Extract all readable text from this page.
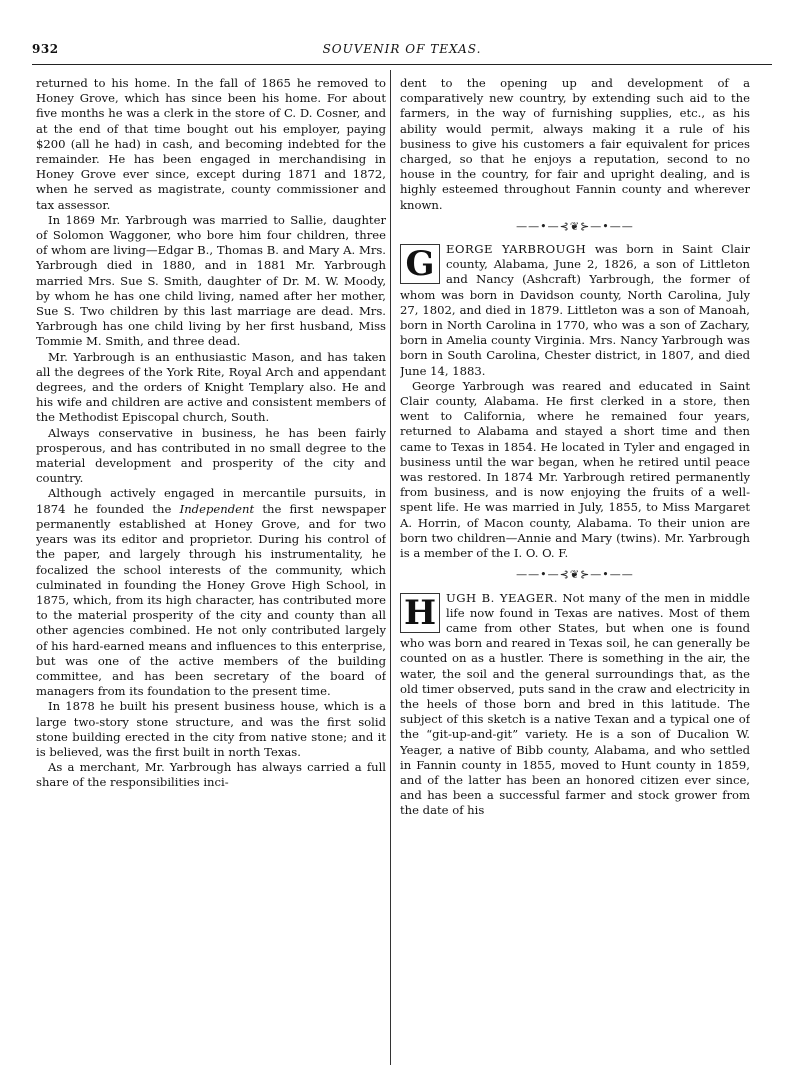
932	SOUVENIR OF TEXAS.

returned to his home. In the fall of 1865 he removed to Honey Grove, which has since been his home. For about five months he was a clerk in the store of C. D. Cosner, and at the end of that time bought out his employer, paying $200 (all he had) in cash, and becoming indebted for the remainder. He has been engaged in merchandising in Honey Grove ever since, except during 1871 and 1872, when he served as magistrate, county commissioner and tax assessor.

In 1869 Mr. Yarbrough was married to Sallie, daughter of Solomon Waggoner, who bore him four children, three of whom are living—Edgar B., Thomas B. and Mary A. Mrs. Yarbrough died in 1880, and in 1881 Mr. Yarbrough married Mrs. Sue S. Smith, daughter of Dr. M. W. Moody, by whom he has one child living, named after her mother, Sue S. Two children by this last marriage are dead. Mrs. Yarbrough has one child living by her first husband, Miss Tommie M. Smith, and three dead.

Mr. Yarbrough is an enthusiastic Mason, and has taken all the degrees of the York Rite, Royal Arch and appendant degrees, and the orders of Knight Templary also. He and his wife and children are active and consistent members of the Methodist Episcopal church, South.

Always conservative in business, he has been fairly prosperous, and has contributed in no small degree to the material development and prosperity of the city and country.

Although actively engaged in mercantile pursuits, in 1874 he founded the Independent the first newspaper permanently established at Honey Grove, and for two years was its editor and proprietor. During his control of the paper, and largely through his instrumentality, he focalized the school interests of the community, which culminated in founding the Honey Grove High School, in 1875, which, from its high character, has contributed more to the material prosperity of the city and county than all other agencies combined. He not only contributed largely of his hard-earned means and influences to this enterprise, but was one of the active members of the building committee, and has been secretary of the board of managers from its foundation to the present time.

In 1878 he built his present business house, which is a large two-story stone structure, and was the first solid stone building erected in the city from native stone; and it is believed, was the first built in north Texas.

As a merchant, Mr. Yarbrough has always carried a full share of the responsibilities inci-

dent to the opening up and development of a comparatively new country, by extending such aid to the farmers, in the way of furnishing supplies, etc., as his ability would permit, always making it a rule of his business to give his customers a fair equivalent for prices charged, so that he enjoys a reputation, second to no house in the country, for fair and upright dealing, and is highly esteemed throughout Fannin county and wherever known.

——•—⊰❦⊱—•——

G EORGE YARBROUGH was born in Saint Clair county, Alabama, June 2, 1826, a son of Littleton and Nancy (Ashcraft) Yarbrough, the former of whom was born in Davidson county, North Carolina, July 27, 1802, and died in 1879. Littleton was a son of Manoah, born in North Carolina in 1770, who was a son of Zachary, born in Amelia county Virginia. Mrs. Nancy Yarbrough was born in South Carolina, Chester district, in 1807, and died June 14, 1883.

George Yarbrough was reared and educated in Saint Clair county, Alabama. He first clerked in a store, then went to California, where he remained four years, returned to Alabama and stayed a short time and then came to Texas in 1854. He located in Tyler and engaged in business until the war began, when he retired until peace was restored. In 1874 Mr. Yarbrough retired permanently from business, and is now enjoying the fruits of a well-spent life. He was married in July, 1855, to Miss Margaret A. Horrin, of Macon county, Alabama. To their union are born two children—Annie and Mary (twins). Mr. Yarbrough is a member of the I. O. O. F.

——•—⊰❦⊱—•——

H UGH B. YEAGER. Not many of the men in middle life now found in Texas are natives. Most of them came from other States, but when one is found who was born and reared in Texas soil, he can generally be counted on as a hustler. There is something in the air, the water, the soil and the general surroundings that, as the old timer observed, puts sand in the craw and electricity in the heels of those born and bred in this latitude. The subject of this sketch is a native Texan and a typical one of the “git-up-and-git” variety. He is a son of Ducalion W. Yeager, a native of Bibb county, Alabama, and who settled in Fannin county in 1855, moved to Hunt county in 1859, and of the latter has been an honored citizen ever since, and has been a successful farmer and stock grower from the date of his
